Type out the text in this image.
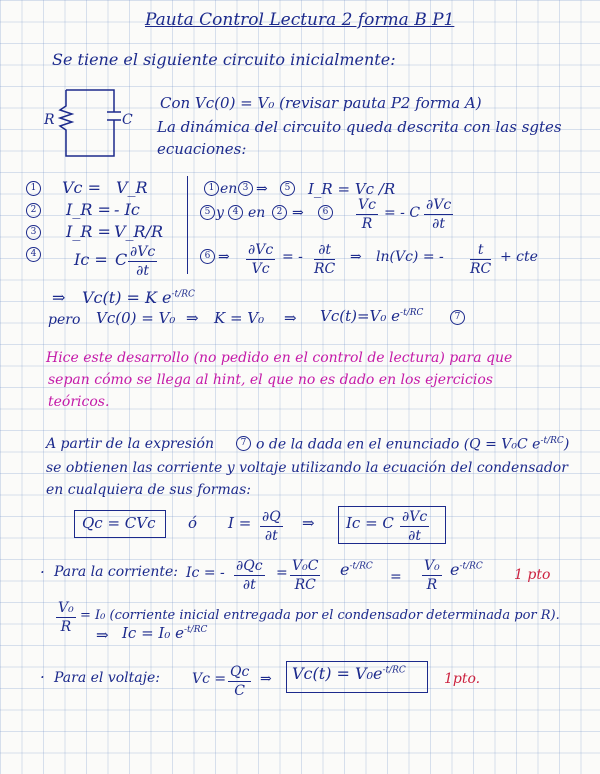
Pauta Control Lectura 2 forma B P1
Se tiene el siguiente circuito inicialmente:
R	C
Con Vc(0) = V₀ (revisar pauta P2 forma A)
La dinámica del circuito queda descrita con las sgtes
ecuaciones:
1 Vc = V_R
2 I_R = - Ic
3 I_R = V_R/R
4 Ic = C $\frac{\partial Vc}{\partial t}$
1 en 3 ⇒	5	I_R = Vc /R
5 y 4 en	2 ⇒	6	$\frac{Vc}{R}$ = - C $\frac{\partial Vc}{\partial t}$
6 ⇒ $\frac{\partial Vc}{Vc}$ = - $\frac{\partial t}{RC}$ ⇒ ln(Vc) = - $\frac{t}{RC}$ + cte
⇒ Vc(t) = K $e^{-t/RC}$
pero Vc(0) = V₀ ⇒ K = V₀ ⇒ Vc(t)=V₀ $e^{-t/RC}$	7
Hice este desarrollo (no pedido en el control de lectura) para que
sepan cómo se llega al hint, el que no es dado en los ejercicios
teóricos.
A partir de la expresión	7 o de la dada en el enunciado (Q = V₀C $e^{-t/RC}$)
se obtienen las corriente y voltaje utilizando la ecuación del condensador
en cualquiera de sus formas:
Qc = CVc ó $I = \frac{\partial Q}{\partial t}$ ⇒ Ic = C $\frac{\partial Vc}{\partial t}$
· Para la corriente: Ic = - $\frac{\partial Qc}{\partial t} = \frac{\text{V₀C}}{RC} e^{-t/RC}$
= $\frac{\text{V₀}}{R} e^{-t/RC}$
1 pto
$\frac{\text{V₀}}{R} = I_0$ (corriente inicial entregada por el condensador determinada por R).
⇒ Ic = I₀ $e^{-t/RC}$
· Para el voltaje: $Vc = \frac{Qc}{C}$ ⇒ $Vc(t) = V_0e^{-t/RC}$
1pto.
